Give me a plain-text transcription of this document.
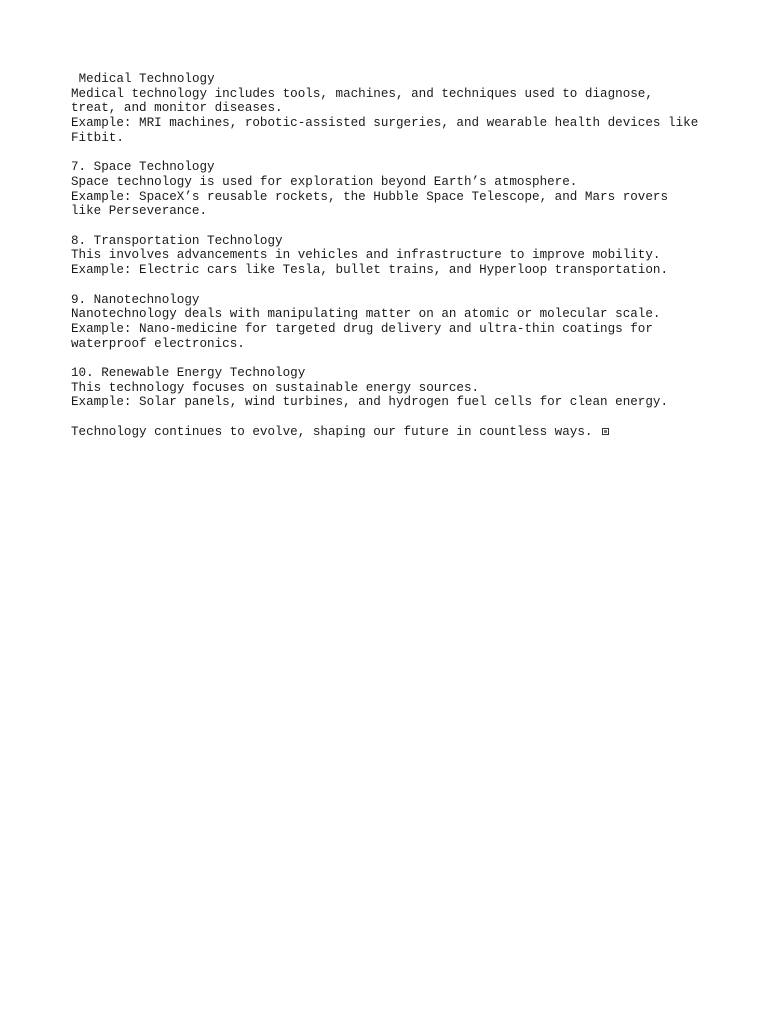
Medical Technology
Medical technology includes tools, machines, and techniques used to diagnose,
treat, and monitor diseases.
Example: MRI machines, robotic-assisted surgeries, and wearable health devices like
Fitbit.
7. Space Technology
Space technology is used for exploration beyond Earth’s atmosphere.
Example: SpaceX’s reusable rockets, the Hubble Space Telescope, and Mars rovers
like Perseverance.
8. Transportation Technology
This involves advancements in vehicles and infrastructure to improve mobility.
Example: Electric cars like Tesla, bullet trains, and Hyperloop transportation.
9. Nanotechnology
Nanotechnology deals with manipulating matter on an atomic or molecular scale.
Example: Nano-medicine for targeted drug delivery and ultra-thin coatings for
waterproof electronics.
10. Renewable Energy Technology
This technology focuses on sustainable energy sources.
Example: Solar panels, wind turbines, and hydrogen fuel cells for clean energy.
Technology continues to evolve, shaping our future in countless ways.
